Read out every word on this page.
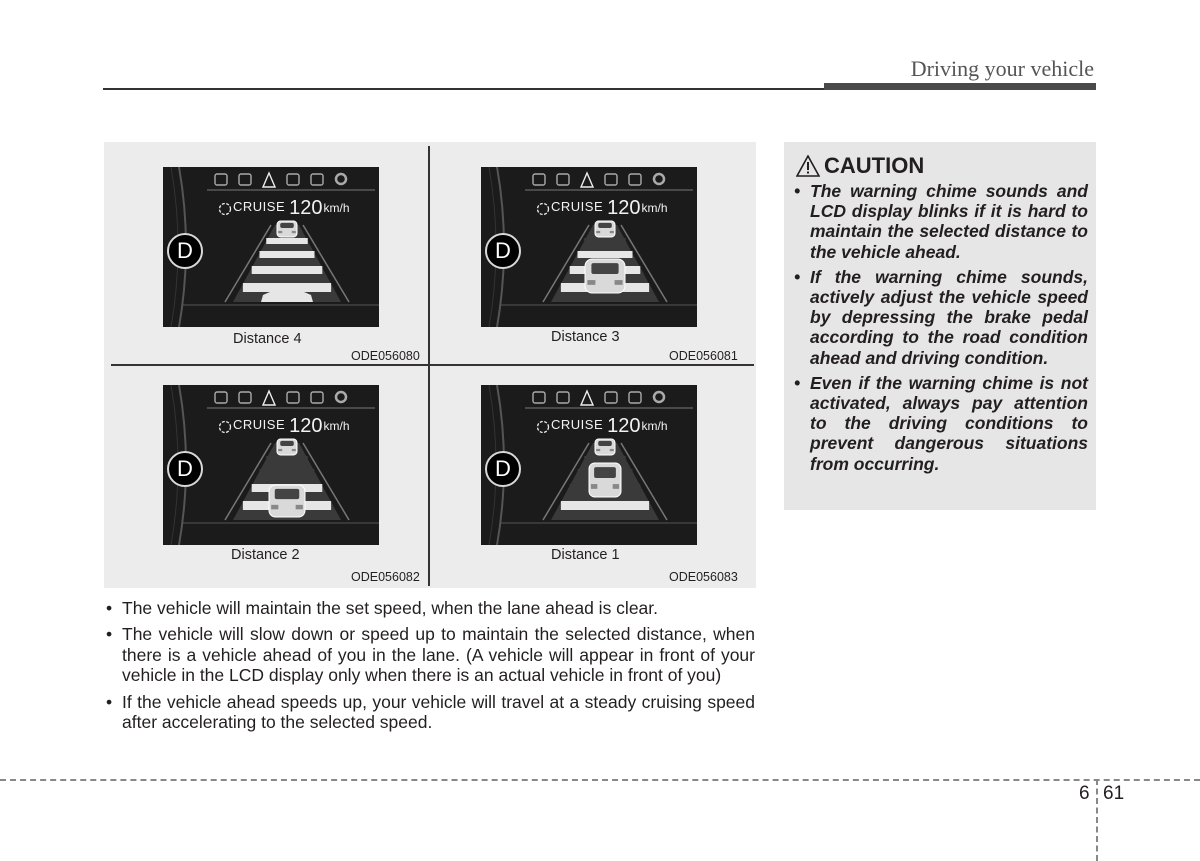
Driving your vehicle
CRUISE 120km/h
D
Distance 4
ODE056080
CRUISE 120km/h
D
Distance 3
ODE056081
CRUISE 120km/h
D
Distance 2
ODE056082
CRUISE 120km/h
D
Distance 1
ODE056083
CAUTION
• The warning chime sounds and LCD display blinks if it is hard to maintain the selected distance to the vehicle ahead.
• If the warning chime sounds, actively adjust the vehicle speed by depressing the brake pedal according to the road condition ahead and driving condition.
• Even if the warning chime is not activated, always pay attention to the driving conditions to prevent dangerous situations from occurring.
• The vehicle will maintain the set speed, when the lane ahead is clear.
• The vehicle will slow down or speed up to maintain the selected distance, when there is a vehicle ahead of you in the lane. (A vehicle will appear in front of your vehicle in the LCD display only when there is an actual vehicle in front of you)
• If the vehicle ahead speeds up, your vehicle will travel at a steady cruising speed after accelerating to the selected speed.
6 61
